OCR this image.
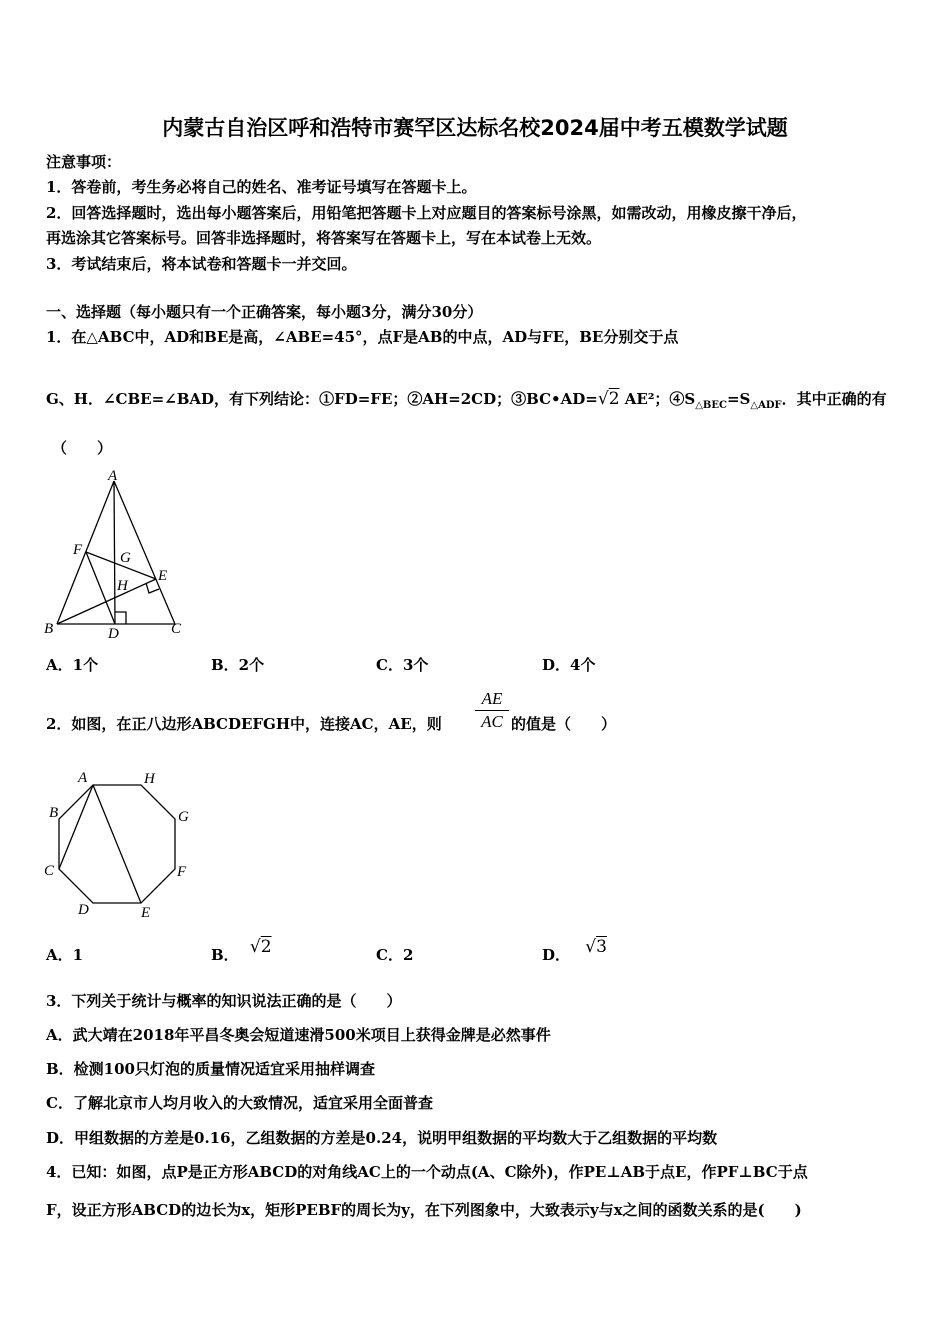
内蒙古自治区呼和浩特市赛罕区达标名校2024届中考五模数学试题
注意事项：
1．答卷前，考生务必将自己的姓名、准考证号填写在答题卡上。
2．回答选择题时，选出每小题答案后，用铅笔把答题卡上对应题目的答案标号涂黑，如需改动，用橡皮擦干净后，
再选涂其它答案标号。回答非选择题时，将答案写在答题卡上，写在本试卷上无效。
3．考试结束后，将本试卷和答题卡一并交回。
一、选择题（每小题只有一个正确答案，每小题3分，满分30分）
1．在△ABC中，AD和BE是高，∠ABE=45°，点F是AB的中点，AD与FE，BE分别交于点
G、H．∠CBE=∠BAD，有下列结论：①FD=FE；②AH=2CD；③BC•AD=√2 AE²；$④S_{\triangle BEC}=S_{\triangle ADF}$．其中正确的有
（　　）
A
F	G
H
E
B	D	C
A．1个	B．2个	C．3个	D．4个
2．如图，在正八边形ABCDEFGH中，连接AC，AE，则 $\frac{AE}{AC}$ 的值是（　　）
A	H
G
F
E
D
C
B
A．1	B． √2	C．2	D． √3
3．下列关于统计与概率的知识说法正确的是（　　）
A．武大靖在2018年平昌冬奥会短道速滑500米项目上获得金牌是必然事件
B．检测100只灯泡的质量情况适宜采用抽样调查
C．了解北京市人均月收入的大致情况，适宜采用全面普查
D．甲组数据的方差是0.16，乙组数据的方差是0.24，说明甲组数据的平均数大于乙组数据的平均数
4．已知：如图，点P是正方形ABCD的对角线AC上的一个动点(A、C除外)，作PE⊥AB于点E，作PF⊥BC于点
F，设正方形ABCD的边长为x，矩形PEBF的周长为y，在下列图象中，大致表示y与x之间的函数关系的是(　　)
